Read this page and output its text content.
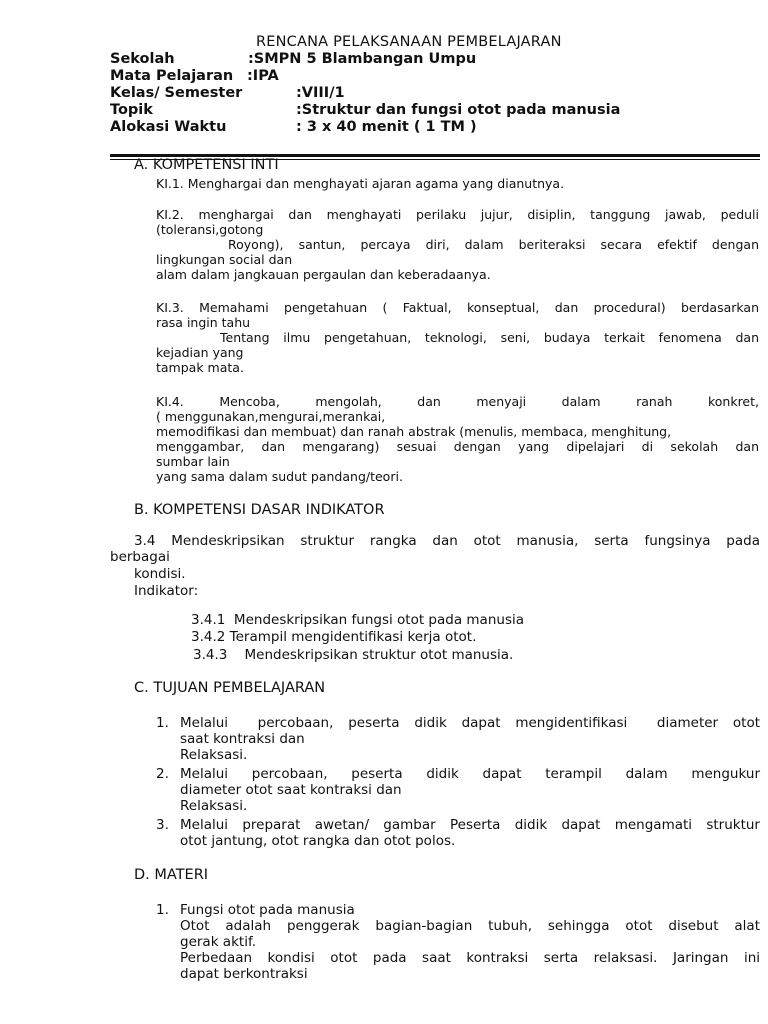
RENCANA PELAKSANAAN PEMBELAJARAN
Sekolah	:SMPN 5 Blambangan Umpu
Mata Pelajaran :IPA
Kelas/ Semester	:VIII/1
Topik	:Struktur dan fungsi otot pada manusia
Alokasi Waktu	: 3 x 40 menit ( 1 TM )
A. KOMPETENSI INTI
KI.1. Menghargai dan menghayati ajaran agama yang dianutnya.
KI.2. menghargai dan menghayati perilaku jujur, disiplin, tanggung jawab, peduli
(toleransi,gotong
Royong), santun, percaya diri, dalam beriteraksi secara efektif dengan
lingkungan social dan
alam dalam jangkauan pergaulan dan keberadaanya.
KI.3. Memahami pengetahuan ( Faktual, konseptual, dan procedural) berdasarkan
rasa ingin tahu
Tentang ilmu pengetahuan, teknologi, seni, budaya terkait fenomena dan
kejadian yang
tampak mata.
KI.4. Mencoba, mengolah, dan menyaji dalam ranah konkret,
( menggunakan,mengurai,merankai,
memodifikasi dan membuat) dan ranah abstrak (menulis, membaca, menghitung,
menggambar, dan mengarang) sesuai dengan yang dipelajari di sekolah dan
sumbar lain
yang sama dalam sudut pandang/teori.
B. KOMPETENSI DASAR INDIKATOR
3.4 Mendeskripsikan struktur rangka dan otot manusia, serta fungsinya pada
berbagai
kondisi.
Indikator:
3.4.1  Mendeskripsikan fungsi otot pada manusia
3.4.2 Terampil mengidentifikasi kerja otot.
3.4.3    Mendeskripsikan struktur otot manusia.
C. TUJUAN PEMBELAJARAN
1. Melalui  percobaan, peserta didik dapat mengidentifikasi  diameter otot
saat kontraksi dan
Relaksasi.
2. Melalui percobaan, peserta didik dapat terampil dalam mengukur
diameter otot saat kontraksi dan
Relaksasi.
3. Melalui preparat awetan/ gambar Peserta didik dapat mengamati struktur
otot jantung, otot rangka dan otot polos.
D. MATERI
1. Fungsi otot pada manusia
Otot adalah penggerak bagian-bagian tubuh, sehingga otot disebut alat
gerak aktif.
Perbedaan kondisi otot pada saat kontraksi serta relaksasi. Jaringan ini
dapat berkontraksi
